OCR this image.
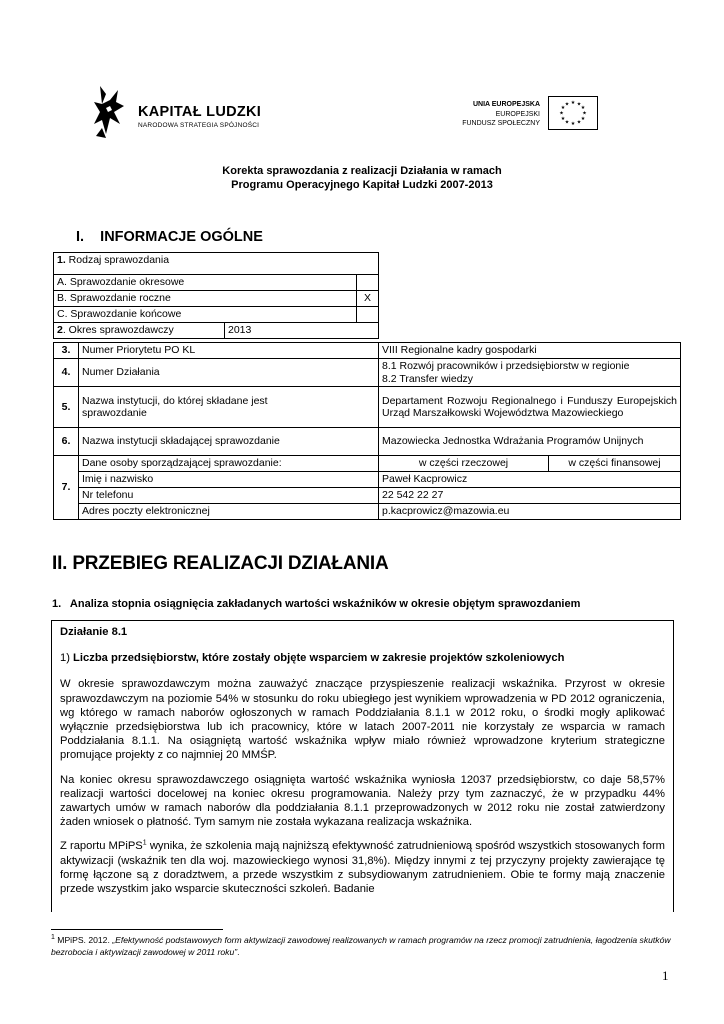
KAPITAŁ LUDZKI
NARODOWA STRATEGIA SPÓJNOŚCI
UNIA EUROPEJSKA
EUROPEJSKI
FUNDUSZ SPOŁECZNY
★ ★
★
★
★
★
★
★
★
★
★
★
Korekta sprawozdania z realizacji Działania w ramach
Programu Operacyjnego Kapitał Ludzki 2007-2013
I.    INFORMACJE OGÓLNE
1. Rodzaj sprawozdania		
A. Sprawozdanie okresowe		
B. Sprawozdanie roczne		X
C. Sprawozdanie końcowe		
2. Okres sprawozdawczy	2013	
3.	Numer Priorytetu PO KL	VIII Regionalne kadry gospodarki	
4.	Numer Działania	8.1 Rozwój pracowników i przedsiębiorstw w regionie
8.2 Transfer wiedzy	

5.	Nazwa instytucji, do której składane jest sprawozdanie	Departament Rozwoju Regionalnego i Funduszy Europejskich Urząd Marszałkowski Województwa Mazowieckiego	
6.	Nazwa instytucji składającej sprawozdanie	Mazowiecka Jednostka Wdrażania Programów Unijnych	
7.	Dane osoby sporządzającej sprawozdanie:	w części rzeczowej	w części finansowej
	Imię i nazwisko	Paweł Kacprowicz	
	Nr telefonu	22 542 22 27	
	Adres poczty elektronicznej	p.kacprowicz@mazowia.eu	
II. PRZEBIEG REALIZACJI DZIAŁANIA
1.   Analiza stopnia osiągnięcia zakładanych wartości wskaźników w okresie objętym sprawozdaniem

Działanie 8.1

1) Liczba przedsiębiorstw, które zostały objęte wsparciem w zakresie projektów szkoleniowych

W okresie sprawozdawczym można zauważyć znaczące przyspieszenie realizacji wskaźnika. Przyrost w okresie sprawozdawczym na poziomie 54% w stosunku do roku ubiegłego jest wynikiem wprowadzenia w PD 2012 ograniczenia, wg którego w ramach naborów ogłoszonych w ramach Poddziałania 8.1.1 w 2012 roku, o środki mogły aplikować wyłącznie przedsiębiorstwa lub ich pracownicy, które w latach 2007-2011 nie korzystały ze wsparcia w ramach Poddziałania 8.1.1. Na osiągniętą wartość wskaźnika wpływ miało również wprowadzone kryterium strategiczne promujące projekty z co najmniej 20 MMŚP.

Na koniec okresu sprawozdawczego osiągnięta wartość wskaźnika wyniosła 12037 przedsiębiorstw, co daje 58,57% realizacji wartości docelowej na koniec okresu programowania. Należy przy tym zaznaczyć, że w przypadku 44% zawartych umów w ramach naborów dla poddziałania 8.1.1 przeprowadzonych w 2012 roku nie został zatwierdzony żaden wniosek o płatność. Tym samym nie została wykazana realizacja wskaźnika.

Z raportu MPiPS$^1$ wynika, że szkolenia mają najniższą efektywność zatrudnieniową spośród wszystkich stosowanych form aktywizacji (wskaźnik ten dla woj. mazowieckiego wynosi 31,8%). Między innymi z tej przyczyny projekty zawierające tę formę łączone są z doradztwem, a przede wszystkim z subsydiowanym zatrudnieniem. Obie te formy mają znaczenie przede wszystkim jako wsparcie skuteczności szkoleń. Badanie

$^1$ MPiPS. 2012. „Efektywność podstawowych form aktywizacji zawodowej realizowanych w ramach programów na rzecz promocji zatrudnienia, łagodzenia skutków bezrobocia i aktywizacji zawodowej w 2011 roku”.
1
